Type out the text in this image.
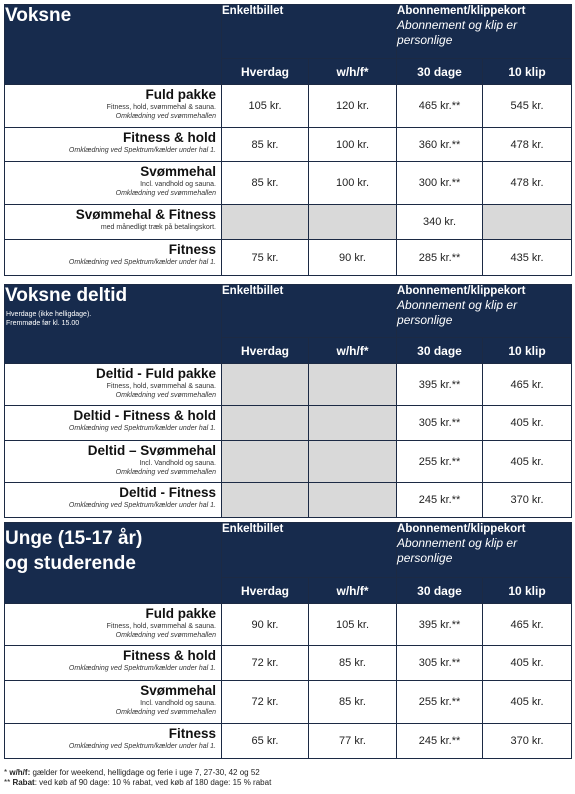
Voksne	Enkeltbillet		Abonnement/klippekort
Abonnement og klip er personlige	

	Hverdag	w/h/f*	30 dage	10 klip

Fuld pakke
Fitness, hold, svømmehal & sauna.
Omklædning ved svømmehallen	105 kr.	120 kr.	465 kr.**	545 kr.

Fitness & hold
Omklædning ved Spektrum/kælder under hal 1.	85 kr.	100 kr.	360 kr.**	478 kr.

Svømmehal
Incl. vandhold og sauna.
Omklædning ved svømmehallen	85 kr.	100 kr.	300 kr.**	478 kr.

Svømmehal & Fitness
med månedligt træk på betalingskort.			340 kr.	

Fitness
Omklædning ved Spektrum/kælder under hal 1.	75 kr.	90 kr.	285 kr.**	435 kr.
Voksne deltid
Hverdage (ikke helligdage).
Fremmøde før kl. 15.00	Enkeltbillet		Abonnement/klippekort
Abonnement og klip er personlige	

	Hverdag	w/h/f*	30 dage	10 klip

Deltid - Fuld pakke
Fitness, hold, svømmehal & sauna.
Omklædning ved svømmehallen			395 kr.**	465 kr.

Deltid - Fitness & hold
Omklædning ved Spektrum/kælder under hal 1.			305 kr.**	405 kr.

Deltid – Svømmehal
Incl. Vandhold og sauna.
Omklædning ved svømmehallen			255 kr.**	405 kr.

Deltid - Fitness
Omklædning ved Spektrum/kælder under hal 1.			245 kr.**	370 kr.
Unge (15-17 år)
og studerende	Enkeltbillet		Abonnement/klippekort
Abonnement og klip er personlige	

	Hverdag	w/h/f*	30 dage	10 klip

Fuld pakke
Fitness, hold, svømmehal & sauna.
Omklædning ved svømmehallen	90 kr.	105 kr.	395 kr.**	465 kr.

Fitness & hold
Omklædning ved Spektrum/kælder under hal 1.	72 kr.	85 kr.	305 kr.**	405 kr.

Svømmehal
Incl. vandhold og sauna.
Omklædning ved svømmehallen	72 kr.	85 kr.	255 kr.**	405 kr.

Fitness
Omklædning ved Spektrum/kælder under hal 1.	65 kr.	77 kr.	245 kr.**	370 kr.
* w/h/f: gælder for weekend, helligdage og ferie i uge 7, 27-30, 42 og 52
** Rabat: ved køb af 90 dage: 10 % rabat, ved køb af 180 dage: 15 % rabat
